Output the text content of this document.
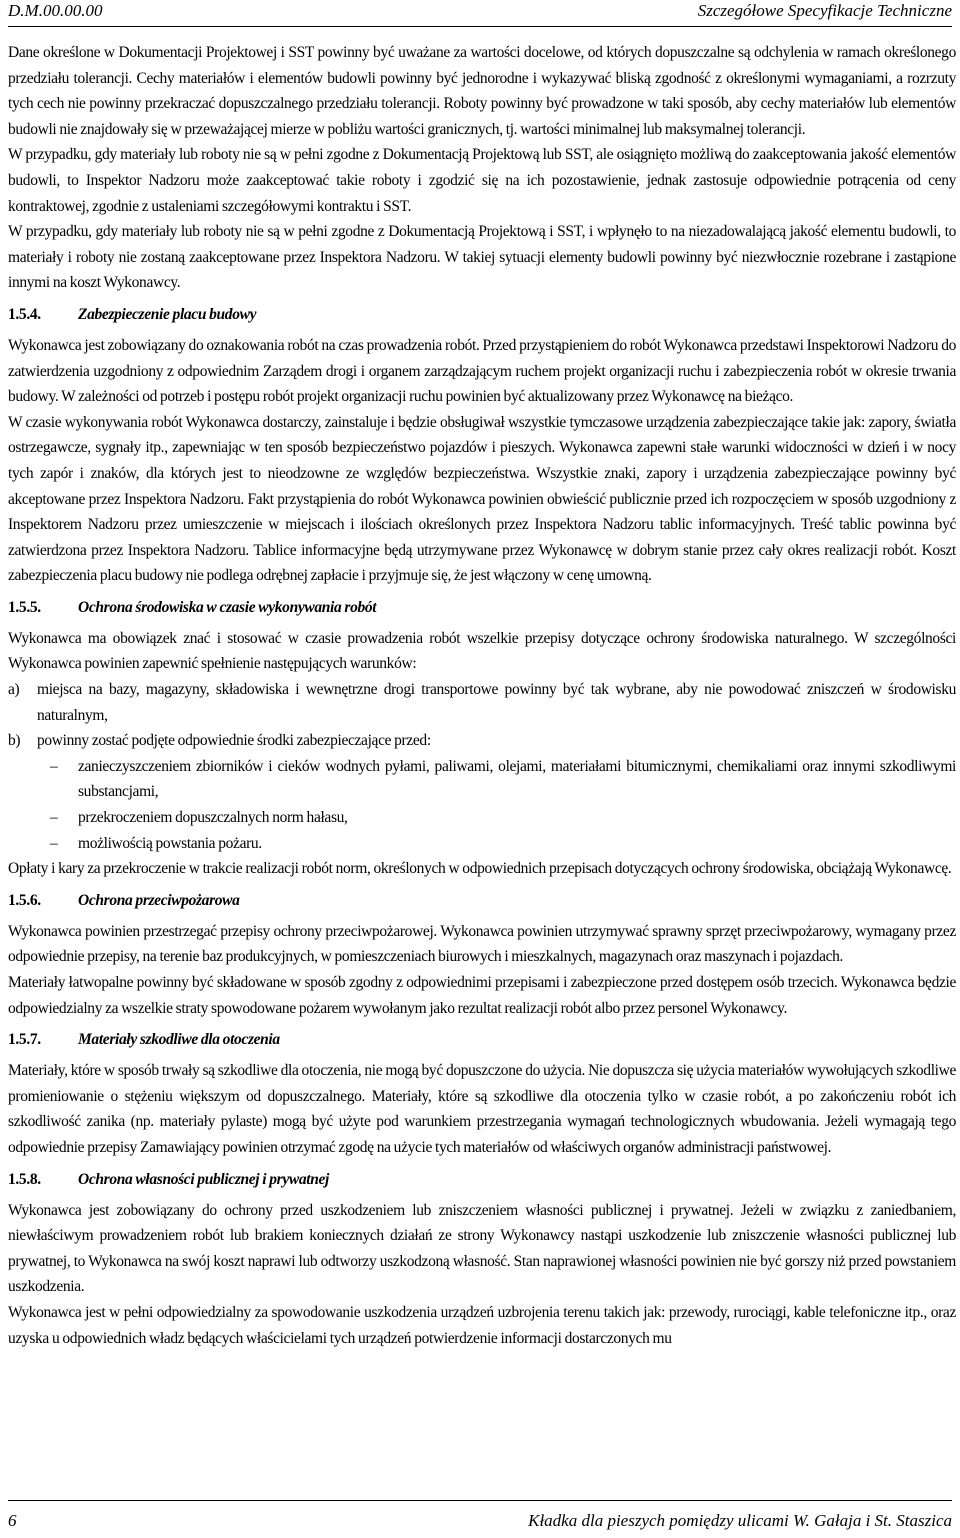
D.M.00.00.00	Szczegółowe Specyfikacje Techniczne

Dane określone w Dokumentacji Projektowej i SST powinny być uważane za wartości docelowe, od których dopuszczalne są odchylenia w ramach określonego przedziału tolerancji. Cechy materiałów i elementów budowli powinny być jednorodne i wykazywać bliską zgodność z określonymi wymaganiami, a rozrzuty tych cech nie powinny przekraczać dopuszczalnego przedziału tolerancji. Roboty powinny być prowadzone w taki sposób, aby cechy materiałów lub elementów budowli nie znajdowały się w przeważającej mierze w pobliżu wartości granicznych, tj. wartości minimalnej lub maksymalnej tolerancji.

W przypadku, gdy materiały lub roboty nie są w pełni zgodne z Dokumentacją Projektową lub SST, ale osiągnięto możliwą do zaakceptowania jakość elementów budowli, to Inspektor Nadzoru może zaakceptować takie roboty i zgodzić się na ich pozostawienie, jednak zastosuje odpowiednie potrącenia od ceny kontraktowej, zgodnie z ustaleniami szczegółowymi kontraktu i SST.

W przypadku, gdy materiały lub roboty nie są w pełni zgodne z Dokumentacją Projektową i SST, i wpłynęło to na niezadowalającą jakość elementu budowli, to materiały i roboty nie zostaną zaakceptowane przez Inspektora Nadzoru. W takiej sytuacji elementy budowli powinny być niezwłocznie rozebrane i zastąpione innymi na koszt Wykonawcy.

1.5.4. Zabezpieczenie placu budowy

Wykonawca jest zobowiązany do oznakowania robót na czas prowadzenia robót. Przed przystąpieniem do robót Wykonawca przedstawi Inspektorowi Nadzoru do zatwierdzenia uzgodniony z odpowiednim Zarządem drogi i organem zarządzającym ruchem projekt organizacji ruchu i zabezpieczenia robót w okresie trwania budowy. W zależności od potrzeb i postępu robót projekt organizacji ruchu powinien być aktualizowany przez Wykonawcę na bieżąco.

W czasie wykonywania robót Wykonawca dostarczy, zainstaluje i będzie obsługiwał wszystkie tymczasowe urządzenia zabezpieczające takie jak: zapory, światła ostrzegawcze, sygnały itp., zapewniając w ten sposób bezpieczeństwo pojazdów i pieszych. Wykonawca zapewni stałe warunki widoczności w dzień i w nocy tych zapór i znaków, dla których jest to nieodzowne ze względów bezpieczeństwa. Wszystkie znaki, zapory i urządzenia zabezpieczające powinny być akceptowane przez Inspektora Nadzoru. Fakt przystąpienia do robót Wykonawca powinien obwieścić publicznie przed ich rozpoczęciem w sposób uzgodniony z Inspektorem Nadzoru przez umieszczenie w miejscach i ilościach określonych przez Inspektora Nadzoru tablic informacyjnych. Treść tablic powinna być zatwierdzona przez Inspektora Nadzoru. Tablice informacyjne będą utrzymywane przez Wykonawcę w dobrym stanie przez cały okres realizacji robót. Koszt zabezpieczenia placu budowy nie podlega odrębnej zapłacie i przyjmuje się, że jest włączony w cenę umowną.

1.5.5. Ochrona środowiska w czasie wykonywania robót

Wykonawca ma obowiązek znać i stosować w czasie prowadzenia robót wszelkie przepisy dotyczące ochrony środowiska naturalnego. W szczególności Wykonawca powinien zapewnić spełnienie następujących warunków:

a)	miejsca na bazy, magazyny, składowiska i wewnętrzne drogi transportowe powinny być tak wybrane, aby nie powodować zniszczeń w środowisku naturalnym,
b)	powinny zostać podjęte odpowiednie środki zabezpieczające przed:
–	zanieczyszczeniem zbiorników i cieków wodnych pyłami, paliwami, olejami, materiałami bitumicznymi, chemikaliami oraz innymi szkodliwymi substancjami,
–	przekroczeniem dopuszczalnych norm hałasu,
–	możliwością powstania pożaru.

Opłaty i kary za przekroczenie w trakcie realizacji robót norm, określonych w odpowiednich przepisach dotyczących ochrony środowiska, obciążają Wykonawcę.

1.5.6. Ochrona przeciwpożarowa

Wykonawca powinien przestrzegać przepisy ochrony przeciwpożarowej. Wykonawca powinien utrzymywać sprawny sprzęt przeciwpożarowy, wymagany przez odpowiednie przepisy, na terenie baz produkcyjnych, w pomieszczeniach biurowych i mieszkalnych, magazynach oraz maszynach i pojazdach.

Materiały łatwopalne powinny być składowane w sposób zgodny z odpowiednimi przepisami i zabezpieczone przed dostępem osób trzecich. Wykonawca będzie odpowiedzialny za wszelkie straty spowodowane pożarem wywołanym jako rezultat realizacji robót albo przez personel Wykonawcy.

1.5.7. Materiały szkodliwe dla otoczenia

Materiały, które w sposób trwały są szkodliwe dla otoczenia, nie mogą być dopuszczone do użycia. Nie dopuszcza się użycia materiałów wywołujących szkodliwe promieniowanie o stężeniu większym od dopuszczalnego. Materiały, które są szkodliwe dla otoczenia tylko w czasie robót, a po zakończeniu robót ich szkodliwość zanika (np. materiały pylaste) mogą być użyte pod warunkiem przestrzegania wymagań technologicznych wbudowania. Jeżeli wymagają tego odpowiednie przepisy Zamawiający powinien otrzymać zgodę na użycie tych materiałów od właściwych organów administracji państwowej.

1.5.8. Ochrona własności publicznej i prywatnej

Wykonawca jest zobowiązany do ochrony przed uszkodzeniem lub zniszczeniem własności publicznej i prywatnej. Jeżeli w związku z zaniedbaniem, niewłaściwym prowadzeniem robót lub brakiem koniecznych działań ze strony Wykonawcy nastąpi uszkodzenie lub zniszczenie własności publicznej lub prywatnej, to Wykonawca na swój koszt naprawi lub odtworzy uszkodzoną własność. Stan naprawionej własności powinien nie być gorszy niż przed powstaniem uszkodzenia.

Wykonawca jest w pełni odpowiedzialny za spowodowanie uszkodzenia urządzeń uzbrojenia terenu takich jak: przewody, rurociągi, kable telefoniczne itp., oraz uzyska u odpowiednich władz będących właścicielami tych urządzeń potwierdzenie informacji dostarczonych mu

6	Kładka dla pieszych pomiędzy ulicami W. Gałaja i St. Staszica
